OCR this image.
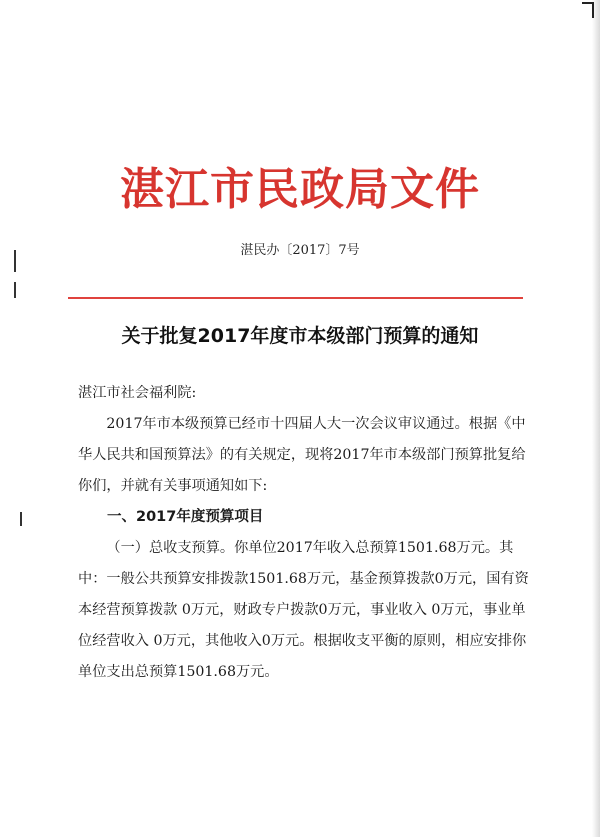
湛江市民政局文件
湛民办〔2017〕7号
关于批复2017年度市本级部门预算的通知

湛江市社会福利院:

2017年市本级预算已经市十四届人大一次会议审议通过。根据《中华人民共和国预算法》的有关规定，现将2017年市本级部门预算批复给你们，并就有关事项通知如下:

一、2017年度预算项目

（一）总收支预算。你单位2017年收入总预算1501.68万元。其中：一般公共预算安排拨款1501.68万元，基金预算拨款0万元，国有资本经营预算拨款 0万元，财政专户拨款0万元，事业收入 0万元，事业单位经营收入 0万元，其他收入0万元。根据收支平衡的原则，相应安排你单位支出总预算1501.68万元。
